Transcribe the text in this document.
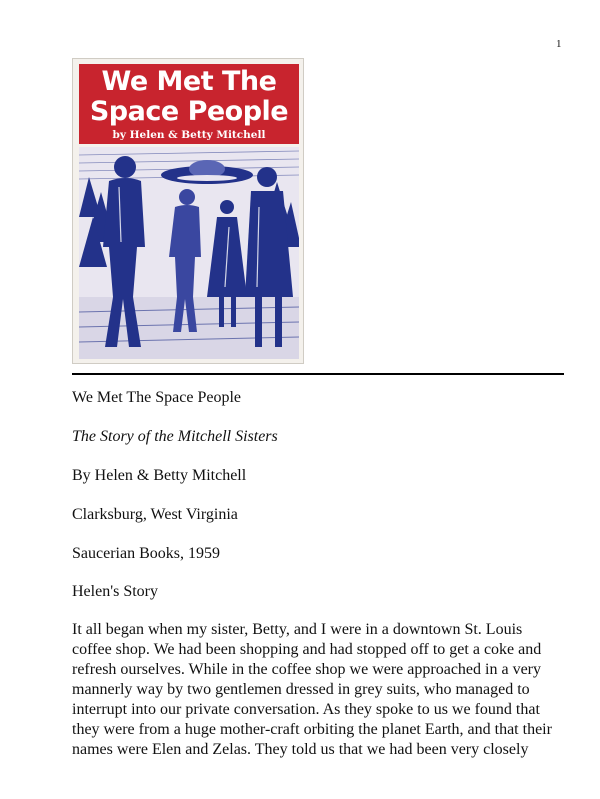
1
We Met The Space People
by Helen & Betty Mitchell

We Met The Space People

The Story of the Mitchell Sisters

By Helen & Betty Mitchell

Clarksburg, West Virginia

Saucerian Books, 1959

Helen's Story

It all began when my sister, Betty, and I were in a downtown St. Louis coffee shop. We had been shopping and had stopped off to get a coke and refresh ourselves. While in the coffee shop we were approached in a very mannerly way by two gentlemen dressed in grey suits, who managed to interrupt into our private conversation. As they spoke to us we found that they were from a huge mother-craft orbiting the planet Earth, and that their names were Elen and Zelas. They told us that we had been very closely
